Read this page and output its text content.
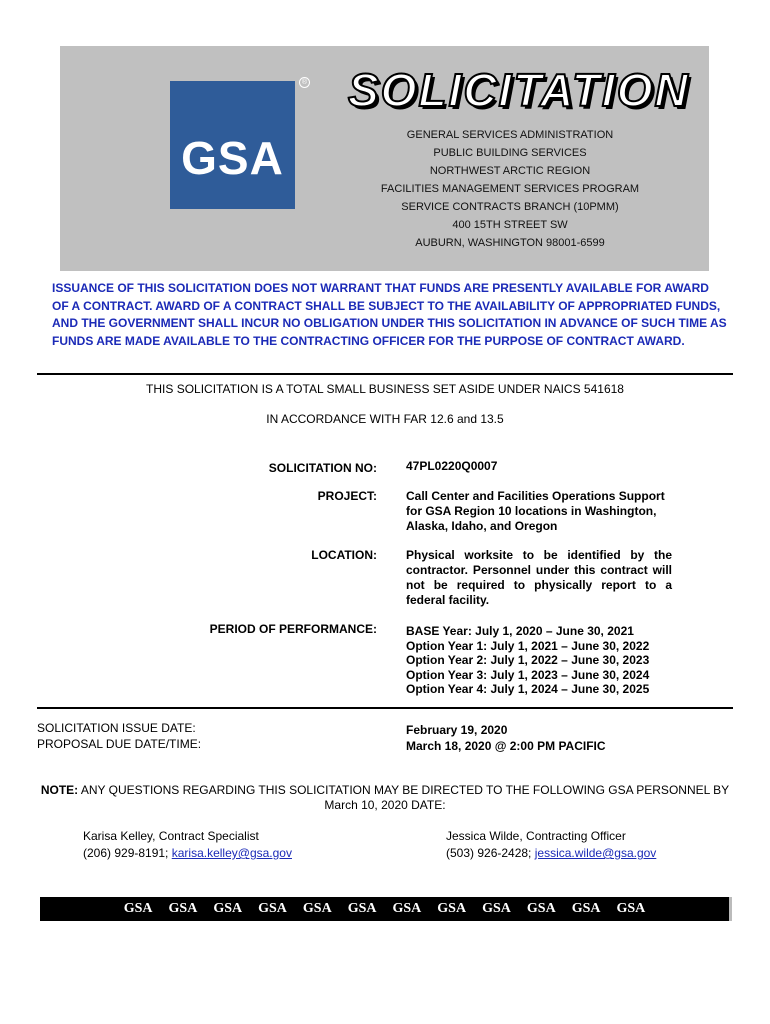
GSA
® SOLICITATION
GENERAL SERVICES ADMINISTRATION
PUBLIC BUILDING SERVICES
NORTHWEST ARCTIC REGION
FACILITIES MANAGEMENT SERVICES PROGRAM
SERVICE CONTRACTS BRANCH (10PMM)
400 15TH STREET SW
AUBURN, WASHINGTON 98001-6599
ISSUANCE OF THIS SOLICITATION DOES NOT WARRANT THAT FUNDS ARE PRESENTLY AVAILABLE FOR AWARD OF A CONTRACT. AWARD OF A CONTRACT SHALL BE SUBJECT TO THE AVAILABILITY OF APPROPRIATED FUNDS, AND THE GOVERNMENT SHALL INCUR NO OBLIGATION UNDER THIS SOLICITATION IN ADVANCE OF SUCH TIME AS FUNDS ARE MADE AVAILABLE TO THE CONTRACTING OFFICER FOR THE PURPOSE OF CONTRACT AWARD.
THIS SOLICITATION IS A TOTAL SMALL BUSINESS SET ASIDE UNDER NAICS 541618
IN ACCORDANCE WITH FAR 12.6 and 13.5
SOLICITATION NO: 47PL0220Q0007
PROJECT: Call Center and Facilities Operations Support for GSA Region 10 locations in Washington, Alaska, Idaho, and Oregon
LOCATION: Physical worksite to be identified by the contractor. Personnel under this contract will not be required to physically report to a federal facility.
PERIOD OF PERFORMANCE: BASE Year: July 1, 2020 – June 30, 2021
Option Year 1: July 1, 2021 – June 30, 2022
Option Year 2: July 1, 2022 – June 30, 2023
Option Year 3: July 1, 2023 – June 30, 2024
Option Year 4: July 1, 2024 – June 30, 2025
SOLICITATION ISSUE DATE:
PROPOSAL DUE DATE/TIME:
February 19, 2020
March 18, 2020 @ 2:00 PM PACIFIC
NOTE: ANY QUESTIONS REGARDING THIS SOLICITATION MAY BE DIRECTED TO THE FOLLOWING GSA PERSONNEL BY March 10, 2020 DATE:
Karisa Kelley, Contract Specialist
(206) 929-8191; karisa.kelley@gsa.gov
Jessica Wilde, Contracting Officer
(503) 926-2428; jessica.wilde@gsa.gov
GSA GSA GSA GSA GSA GSA GSA GSA GSA GSA GSA GSA
